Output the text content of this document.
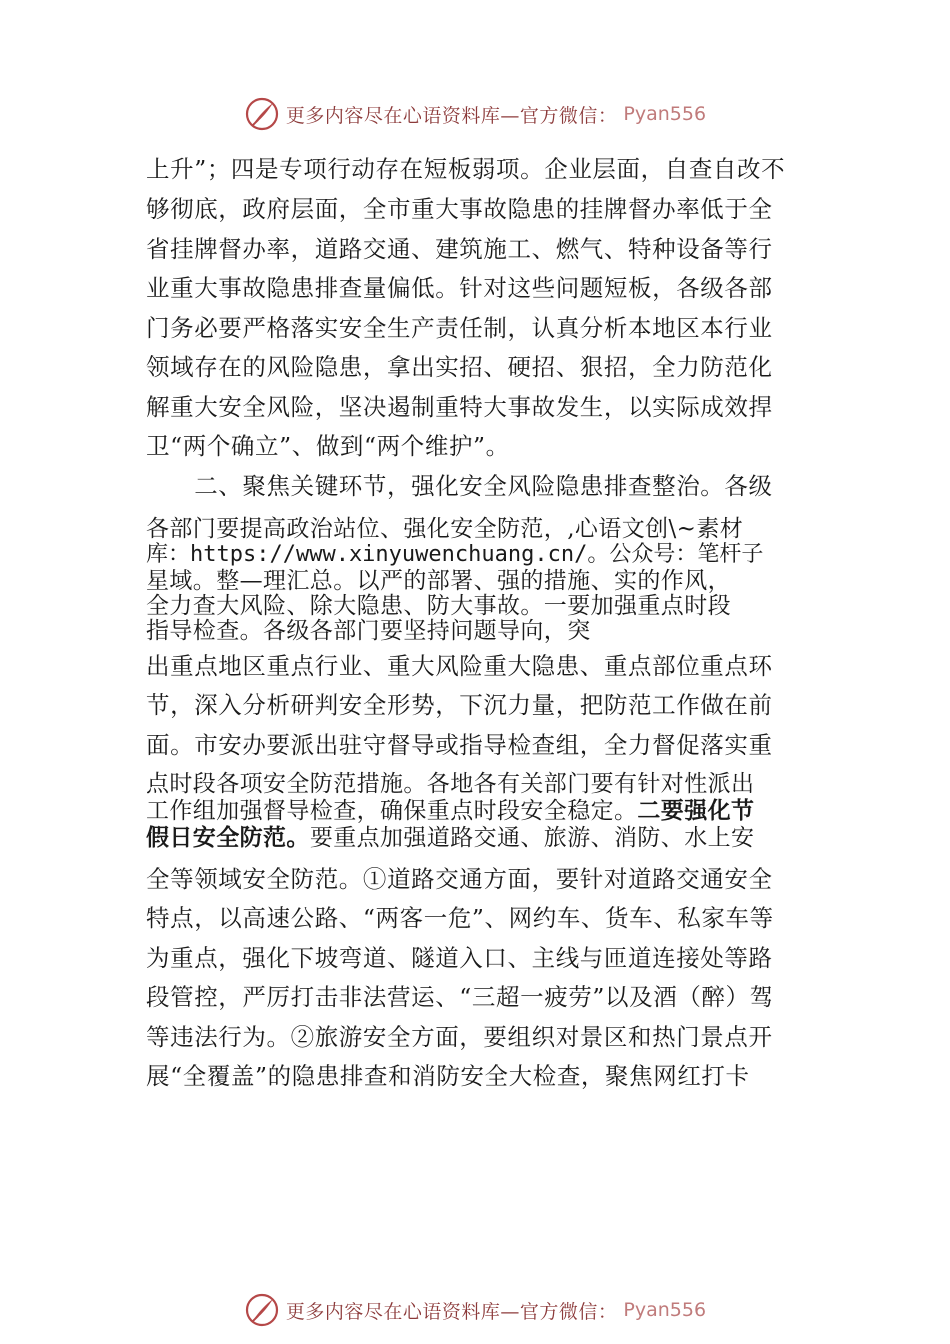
更多内容尽在心语资料库—官方微信： Pyan556
上升”；四是专项行动存在短板弱项。企业层面，自查自改不
够彻底，政府层面，全市重大事故隐患的挂牌督办率低于全
省挂牌督办率，道路交通、建筑施工、燃气、特种设备等行
业重大事故隐患排查量偏低。针对这些问题短板，各级各部
门务必要严格落实安全生产责任制，认真分析本地区本行业
领域存在的风险隐患，拿出实招、硬招、狠招，全力防范化
解重大安全风险，坚决遏制重特大事故发生，以实际成效捍
卫“两个确立”、做到“两个维护”。
　　二、聚焦关键环节，强化安全风险隐患排查整治。各级
各部门要提高政治站位、强化安全防范，,心语文创\~素材
库：https://www.xinyuwenchuang.cn/。公众号：笔杆子
星域。整—理汇总。以严的部署、强的措施、实的作风，
全力查大风险、除大隐患、防大事故。一要加强重点时段
指导检查。各级各部门要坚持问题导向，突
出重点地区重点行业、重大风险重大隐患、重点部位重点环
节，深入分析研判安全形势，下沉力量，把防范工作做在前
面。市安办要派出驻守督导或指导检查组，全力督促落实重
点时段各项安全防范措施。各地各有关部门要有针对性派出
工作组加强督导检查，确保重点时段安全稳定。二要强化节
假日安全防范。要重点加强道路交通、旅游、消防、水上安
全等领域安全防范。①道路交通方面，要针对道路交通安全
特点，以高速公路、“两客一危”、网约车、货车、私家车等
为重点，强化下坡弯道、隧道入口、主线与匝道连接处等路
段管控，严厉打击非法营运、“三超一疲劳”以及酒（醉）驾
等违法行为。②旅游安全方面，要组织对景区和热门景点开
展“全覆盖”的隐患排查和消防安全大检查，聚焦网红打卡
更多内容尽在心语资料库—官方微信： Pyan556
